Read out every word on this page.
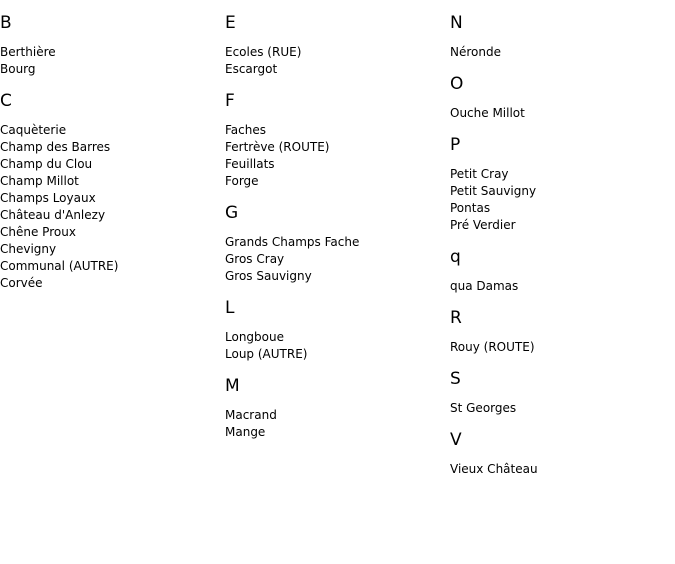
B
Berthière
Bourg
C
Caquèterie
Champ des Barres
Champ du Clou
Champ Millot
Champs Loyaux
Château d'Anlezy
Chêne Proux
Chevigny
Communal (AUTRE)
Corvée
E
Ecoles (RUE)
Escargot
F
Faches
Fertrève (ROUTE)
Feuillats
Forge
G
Grands Champs Fache
Gros Cray
Gros Sauvigny
L
Longboue
Loup (AUTRE)
M
Macrand
Mange
N
Néronde
O
Ouche Millot
P
Petit Cray
Petit Sauvigny
Pontas
Pré Verdier
q
qua Damas
R
Rouy (ROUTE)
S
St Georges
V
Vieux Château
